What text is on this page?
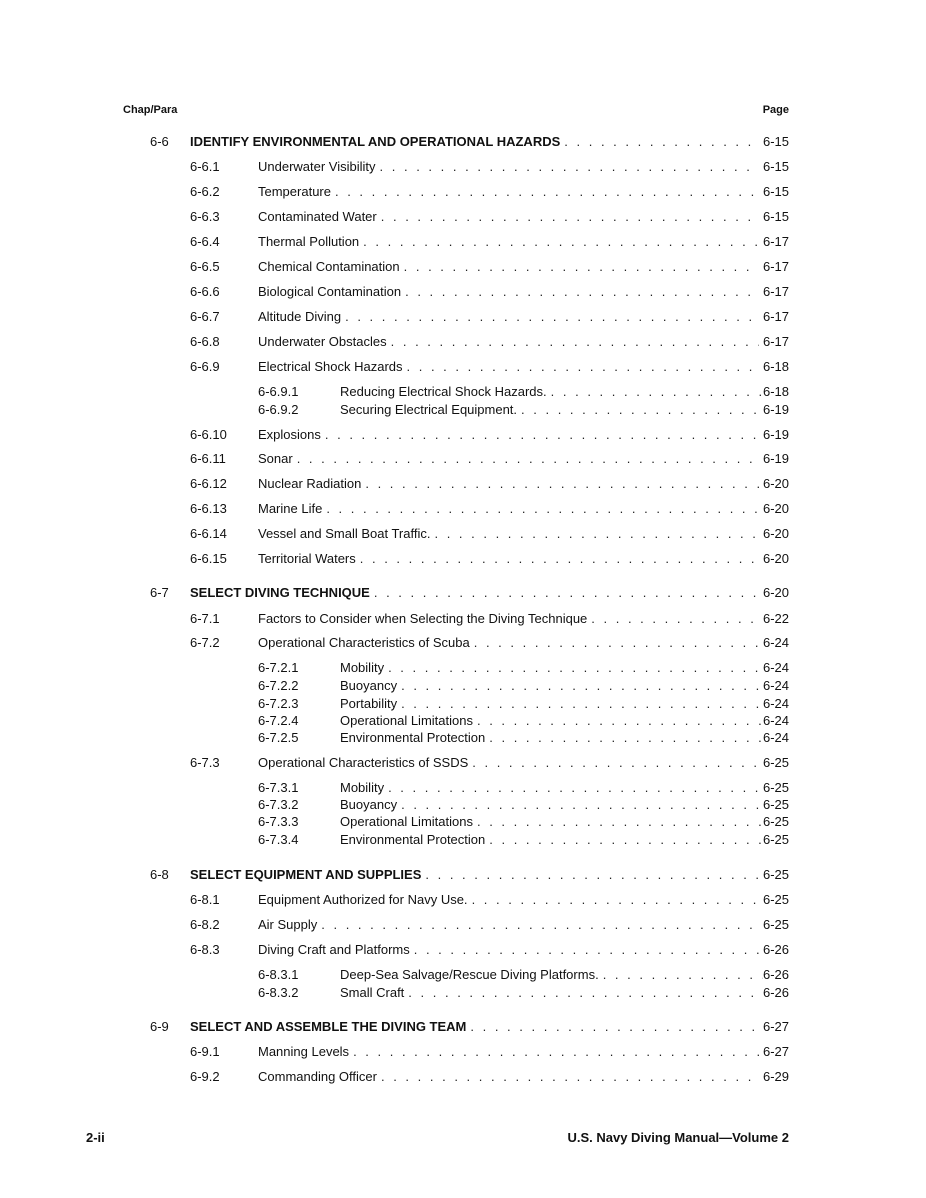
Chap/Para	Page
6-6	IDENTIFY ENVIRONMENTAL AND OPERATIONAL HAZARDS . . .	6-15
6-6.1	Underwater Visibility . . .	6-15
6-6.2	Temperature . . .	6-15
6-6.3	Contaminated Water . . .	6-15
6-6.4	Thermal Pollution . . .	6-17
6-6.5	Chemical Contamination . . .	6-17
6-6.6	Biological Contamination . . .	6-17
6-6.7	Altitude Diving . . .	6-17
6-6.8	Underwater Obstacles . . .	6-17
6-6.9	Electrical Shock Hazards . . .	6-18
6-6.9.1	Reducing Electrical Shock Hazards. . . .	6-18
6-6.9.2	Securing Electrical Equipment. . . .	6-19
6-6.10	Explosions . . .	6-19
6-6.11	Sonar . . .	6-19
6-6.12	Nuclear Radiation . . .	6-20
6-6.13	Marine Life . . .	6-20
6-6.14	Vessel and Small Boat Traffic. . . .	6-20
6-6.15	Territorial Waters . . .	6-20
6-7	SELECT DIVING TECHNIQUE . . .	6-20
6-7.1	Factors to Consider when Selecting the Diving Technique . . .	6-22
6-7.2	Operational Characteristics of Scuba . . .	6-24
6-7.2.1	Mobility . . .	6-24
6-7.2.2	Buoyancy . . .	6-24
6-7.2.3	Portability . . .	6-24
6-7.2.4	Operational Limitations . . .	6-24
6-7.2.5	Environmental Protection . . .	6-24
6-7.3	Operational Characteristics of SSDS . . .	6-25
6-7.3.1	Mobility . . .	6-25
6-7.3.2	Buoyancy . . .	6-25
6-7.3.3	Operational Limitations . . .	6-25
6-7.3.4	Environmental Protection . . .	6-25
6-8	SELECT EQUIPMENT AND SUPPLIES . . .	6-25
6-8.1	Equipment Authorized for Navy Use. . . .	6-25
6-8.2	Air Supply . . .	6-25
6-8.3	Diving Craft and Platforms . . .	6-26
6-8.3.1	Deep-Sea Salvage/Rescue Diving Platforms. . . .	6-26
6-8.3.2	Small Craft . . .	6-26
6-9	SELECT AND ASSEMBLE THE DIVING TEAM . . .	6-27
6-9.1	Manning Levels . . .	6-27
6-9.2	Commanding Officer . . .	6-29
2-ii	U.S. Navy Diving Manual—Volume 2
